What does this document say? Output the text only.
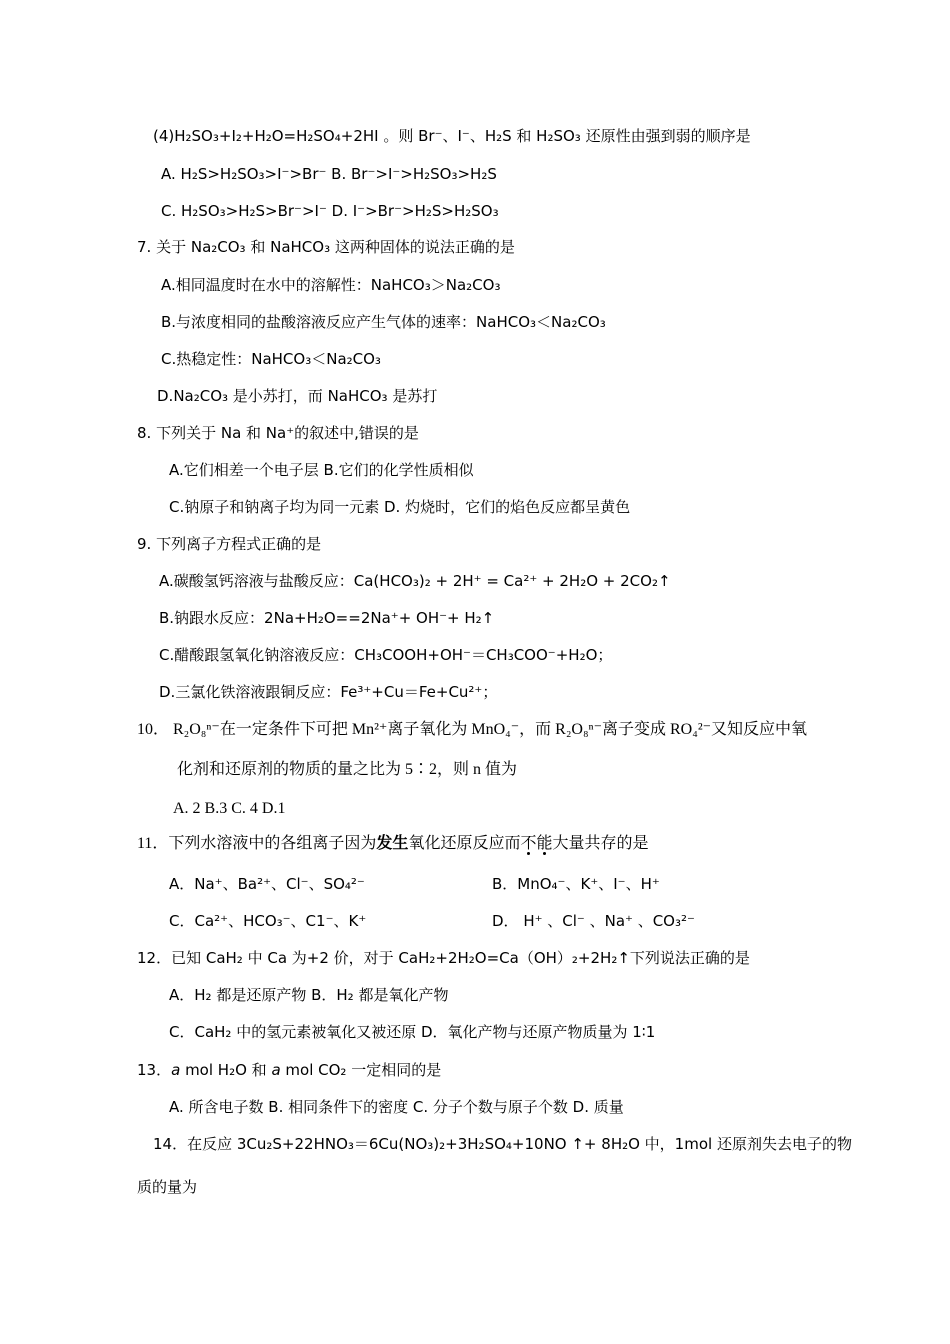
(4)H₂SO₃+I₂+H₂O=H₂SO₄+2HI 。则 Br⁻、I⁻、H₂S 和 H₂SO₃ 还原性由强到弱的顺序是
A. H₂S>H₂SO₃>I⁻>Br⁻ B. Br⁻>I⁻>H₂SO₃>H₂S
C. H₂SO₃>H₂S>Br⁻>I⁻ D. I⁻>Br⁻>H₂S>H₂SO₃
7. 关于 Na₂CO₃ 和 NaHCO₃ 这两种固体的说法正确的是
A.相同温度时在水中的溶解性：NaHCO₃＞Na₂CO₃
B.与浓度相同的盐酸溶液反应产生气体的速率：NaHCO₃＜Na₂CO₃
C.热稳定性：NaHCO₃＜Na₂CO₃
D.Na₂CO₃ 是小苏打，而 NaHCO₃ 是苏打
8. 下列关于 Na 和 Na⁺的叙述中,错误的是
A.它们相差一个电子层 B.它们的化学性质相似
C.钠原子和钠离子均为同一元素 D. 灼烧时，它们的焰色反应都呈黄色
9. 下列离子方程式正确的是
A.碳酸氢钙溶液与盐酸反应：Ca(HCO₃)₂ + 2H⁺ = Ca²⁺ + 2H₂O + 2CO₂↑
B.钠跟水反应：2Na+H₂O==2Na⁺+ OH⁻+ H₂↑
C.醋酸跟氢氧化钠溶液反应：CH₃COOH+OH⁻＝CH₃COO⁻+H₂O；
D.三氯化铁溶液跟铜反应：Fe³⁺+Cu＝Fe+Cu²⁺；
10． R₂O₈ⁿ⁻在一定条件下可把 Mn²⁺离子氧化为 MnO₄⁻，而 R₂O₈ⁿ⁻离子变成 RO₄²⁻又知反应中氧
化剂和还原剂的物质的量之比为 5∶2，则 n 值为
A. 2 B.3 C. 4 D.1
11．下列水溶液中的各组离子因为发生氧化还原反应而不能大量共存的是
A．Na⁺、Ba²⁺、Cl⁻、SO₄²⁻	B．MnO₄⁻、K⁺、I⁻、H⁺
C．Ca²⁺、HCO₃⁻、C1⁻、K⁺	D． H⁺ 、Cl⁻ 、Na⁺ 、CO₃²⁻
12．已知 CaH₂ 中 Ca 为+2 价，对于 CaH₂+2H₂O=Ca（OH）₂+2H₂↑下列说法正确的是
A．H₂ 都是还原产物 B．H₂ 都是氧化产物
C．CaH₂ 中的氢元素被氧化又被还原 D．氧化产物与还原产物质量为 1∶1
13．a mol H₂O 和 a mol CO₂ 一定相同的是
A. 所含电子数 B. 相同条件下的密度 C. 分子个数与原子个数 D. 质量
14．在反应 3Cu₂S+22HNO₃＝6Cu(NO₃)₂+3H₂SO₄+10NO ↑+ 8H₂O 中，1mol 还原剂失去电子的物
质的量为
